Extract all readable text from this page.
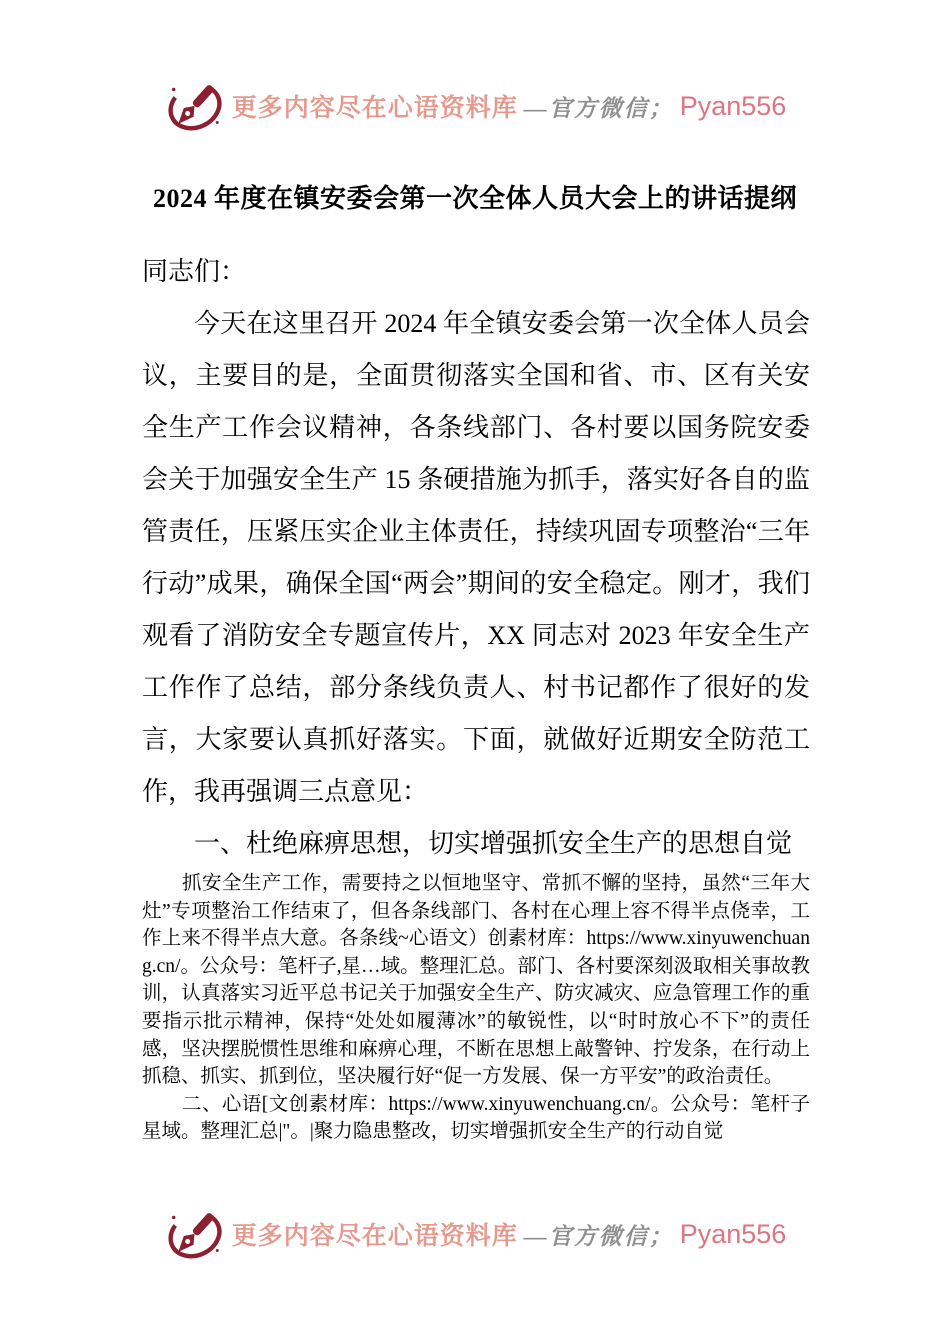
更多内容尽在心语资料库 —官方微信； Pyan556
2024 年度在镇安委会第一次全体人员大会上的讲话提纲

同志们：

今天在这里召开 2024 年全镇安委会第一次全体人员会议，主要目的是，全面贯彻落实全国和省、市、区有关安全生产工作会议精神，各条线部门、各村要以国务院安委会关于加强安全生产 15 条硬措施为抓手，落实好各自的监管责任，压紧压实企业主体责任，持续巩固专项整治“三年行动”成果，确保全国“两会”期间的安全稳定。刚才，我们观看了消防安全专题宣传片，XX 同志对 2023 年安全生产工作作了总结，部分条线负责人、村书记都作了很好的发言，大家要认真抓好落实。下面，就做好近期安全防范工作，我再强调三点意见：

一、杜绝麻痹思想，切实增强抓安全生产的思想自觉

抓安全生产工作，需要持之以恒地坚守、常抓不懈的坚持，虽然“三年大灶”专项整治工作结束了，但各条线部门、各村在心理上容不得半点侥幸，工作上来不得半点大意。各条线~心语文）创素材库：https://www.xinyuwenchuang.cn/。公众号：笔杆子,星…域。整理汇总。部门、各村要深刻汲取相关事故教训，认真落实习近平总书记关于加强安全生产、防灾减灾、应急管理工作的重要指示批示精神，保持“处处如履薄冰”的敏锐性，以“时时放心不下”的责任感，坚决摆脱惯性思维和麻痹心理，不断在思想上敲警钟、拧发条，在行动上抓稳、抓实、抓到位，坚决履行好“促一方发展、保一方平安”的政治责任。

二、心语[文创素材库：https://www.xinyuwenchuang.cn/。公众号：笔杆子星域。整理汇总|"。|聚力隐患整改，切实增强抓安全生产的行动自觉

更多内容尽在心语资料库 —官方微信； Pyan556
